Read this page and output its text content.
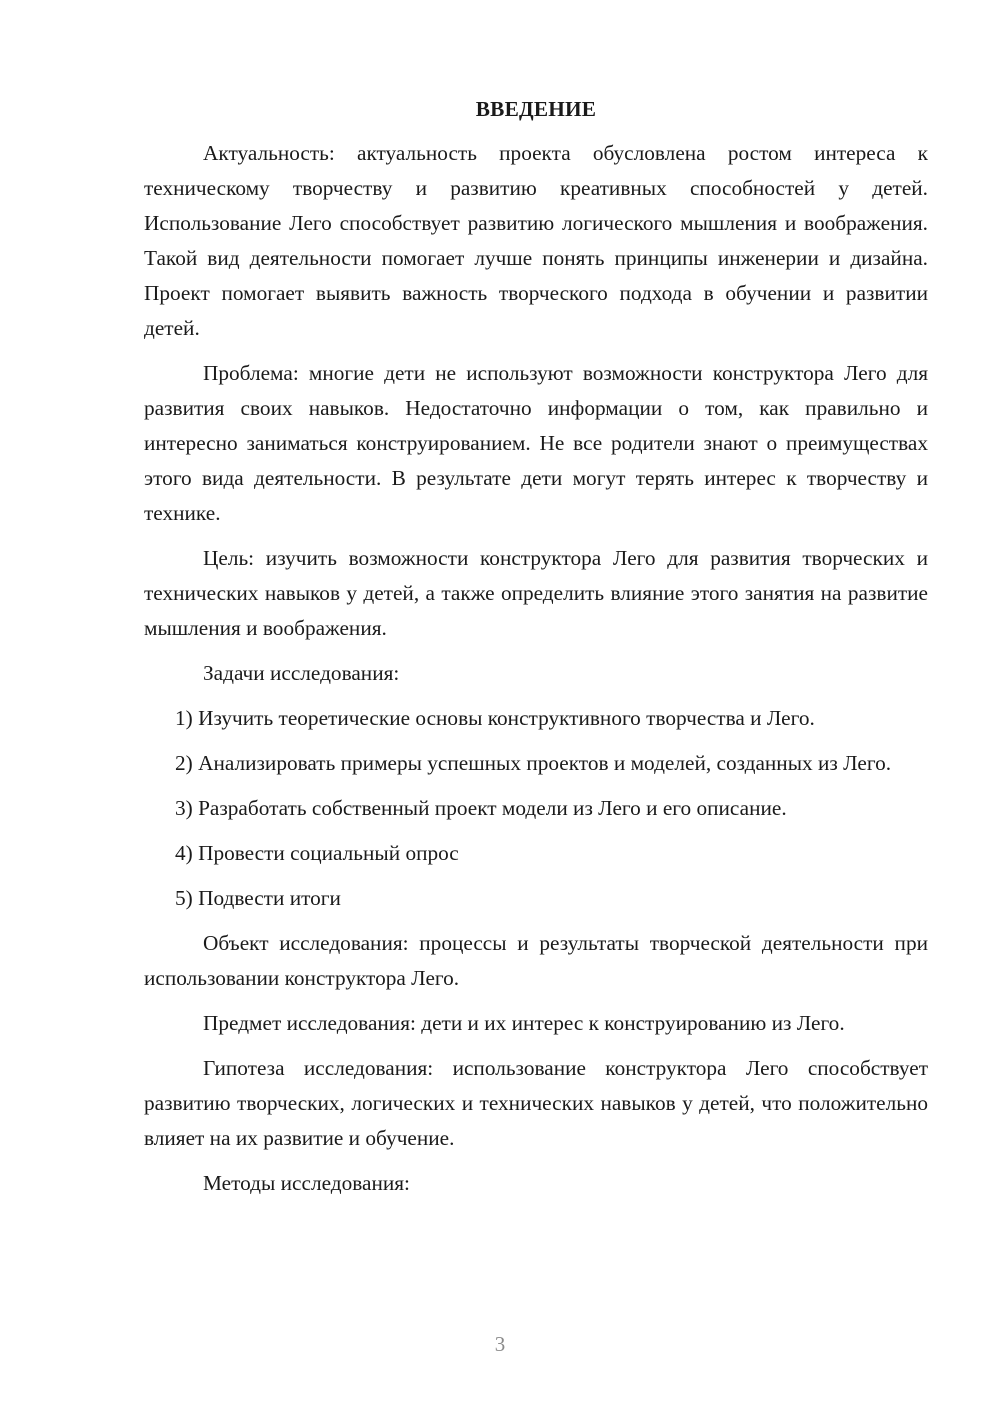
ВВЕДЕНИЕ

Актуальность: актуальность проекта обусловлена ростом интереса к техническому творчеству и развитию креативных способностей у детей. Использование Лего способствует развитию логического мышления и воображения. Такой вид деятельности помогает лучше понять принципы инженерии и дизайна. Проект помогает выявить важность творческого подхода в обучении и развитии детей.

Проблема: многие дети не используют возможности конструктора Лего для развития своих навыков. Недостаточно информации о том, как правильно и интересно заниматься конструированием. Не все родители знают о преимуществах этого вида деятельности. В результате дети могут терять интерес к творчеству и технике.

Цель: изучить возможности конструктора Лего для развития творческих и технических навыков у детей, а также определить влияние этого занятия на развитие мышления и воображения.

Задачи исследования:

1) Изучить теоретические основы конструктивного творчества и Лего.

2) Анализировать примеры успешных проектов и моделей, созданных из Лего.

3) Разработать собственный проект модели из Лего и его описание.

4) Провести социальный опрос

5) Подвести итоги

Объект исследования: процессы и результаты творческой деятельности при использовании конструктора Лего.

Предмет исследования: дети и их интерес к конструированию из Лего.

Гипотеза исследования: использование конструктора Лего способствует развитию творческих, логических и технических навыков у детей, что положительно влияет на их развитие и обучение.

Методы исследования:

3
